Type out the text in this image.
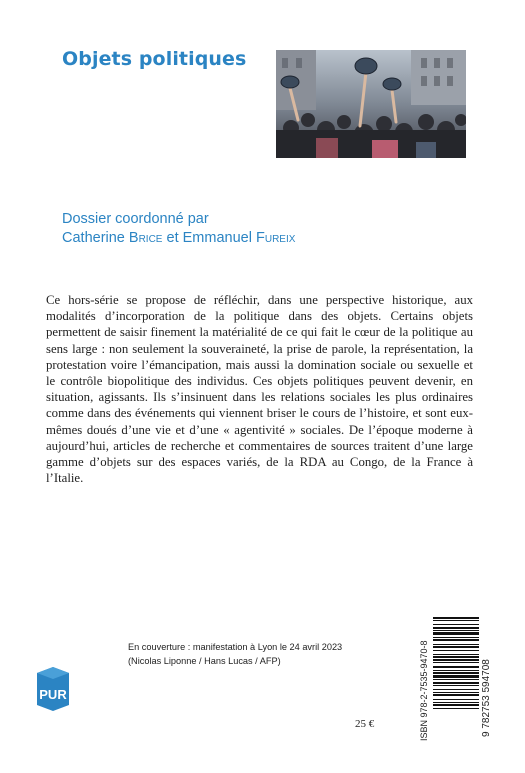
Objets politiques
Dossier coordonné par
Catherine Brice et Emmanuel Fureix

Ce hors-série se propose de réfléchir, dans une perspective historique, aux modalités d’incorporation de la politique dans des objets. Certains objets permettent de saisir finement la matérialité de ce qui fait le cœur de la politique au sens large : non seulement la souveraineté, la prise de parole, la représentation, la protestation voire l’émancipation, mais aussi la domination sociale ou sexuelle et le contrôle biopolitique des individus. Ces objets politiques peuvent devenir, en situation, agissants. Ils s’insinuent dans les relations sociales les plus ordinaires comme dans des événements qui viennent briser le cours de l’histoire, et sont eux-mêmes doués d’une vie et d’une « agentivité » sociales. De l’époque moderne à aujourd’hui, articles de recherche et commentaires de sources traitent d’une large gamme d’objets sur des espaces variés, de la RDA au Congo, de la France à l’Italie.

En couverture : manifestation à Lyon le 24 avril 2023
(Nicolas Liponne / Hans Lucas / AFP)
PUR
25 €	ISBN 978-2-7535-9470-8	9 782753 594708
